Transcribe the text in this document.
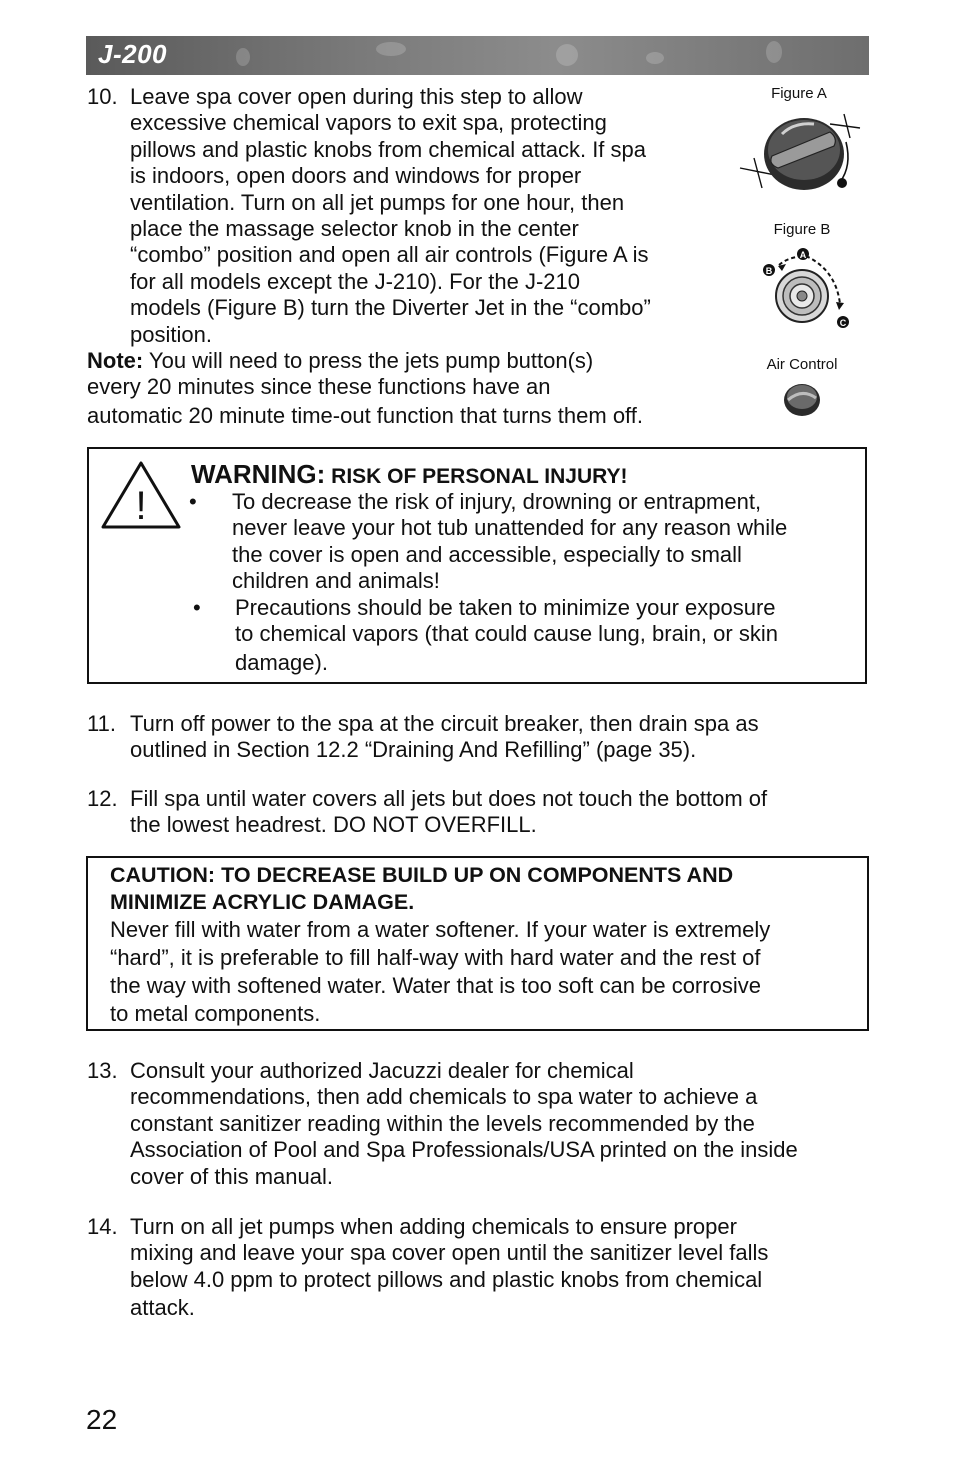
J-200
10. Leave spa cover open during this step to allow
excessive chemical vapors to exit spa, protecting
pillows and plastic knobs from chemical attack. If spa
is indoors, open doors and windows for proper
ventilation. Turn on all jet pumps for one hour, then
place the massage selector knob in the center
“combo” position and open all air controls (Figure A is
for all models except the J-210). For the J-210
models (Figure B) turn the Diverter Jet in the “combo”
position.
Note: You will need to press the jets pump button(s)
every 20 minutes since these functions have an
automatic 20 minute time-out function that turns them off.
Figure A
Figure B
A
B
C
Air Control
!
WARNING: RISK OF PERSONAL INJURY!
• To decrease the risk of injury, drowning or entrapment,
never leave your hot tub unattended for any reason while
the cover is open and accessible, especially to small
children and animals!
• Precautions should be taken to minimize your exposure
to chemical vapors (that could cause lung, brain, or skin
damage).
11. Turn off power to the spa at the circuit breaker, then drain spa as
outlined in Section 12.2 “Draining And Refilling” (page 35).
12. Fill spa until water covers all jets but does not touch the bottom of
the lowest headrest. DO NOT OVERFILL.
CAUTION: TO DECREASE BUILD UP ON COMPONENTS AND
MINIMIZE ACRYLIC DAMAGE.
Never fill with water from a water softener. If your water is extremely
“hard”, it is preferable to fill half-way with hard water and the rest of
the way with softened water. Water that is too soft can be corrosive
to metal components.
13. Consult your authorized Jacuzzi dealer for chemical
recommendations, then add chemicals to spa water to achieve a
constant sanitizer reading within the levels recommended by the
Association of Pool and Spa Professionals/USA printed on the inside
cover of this manual.
14. Turn on all jet pumps when adding chemicals to ensure proper
mixing and leave your spa cover open until the sanitizer level falls
below 4.0 ppm to protect pillows and plastic knobs from chemical
attack.
22
